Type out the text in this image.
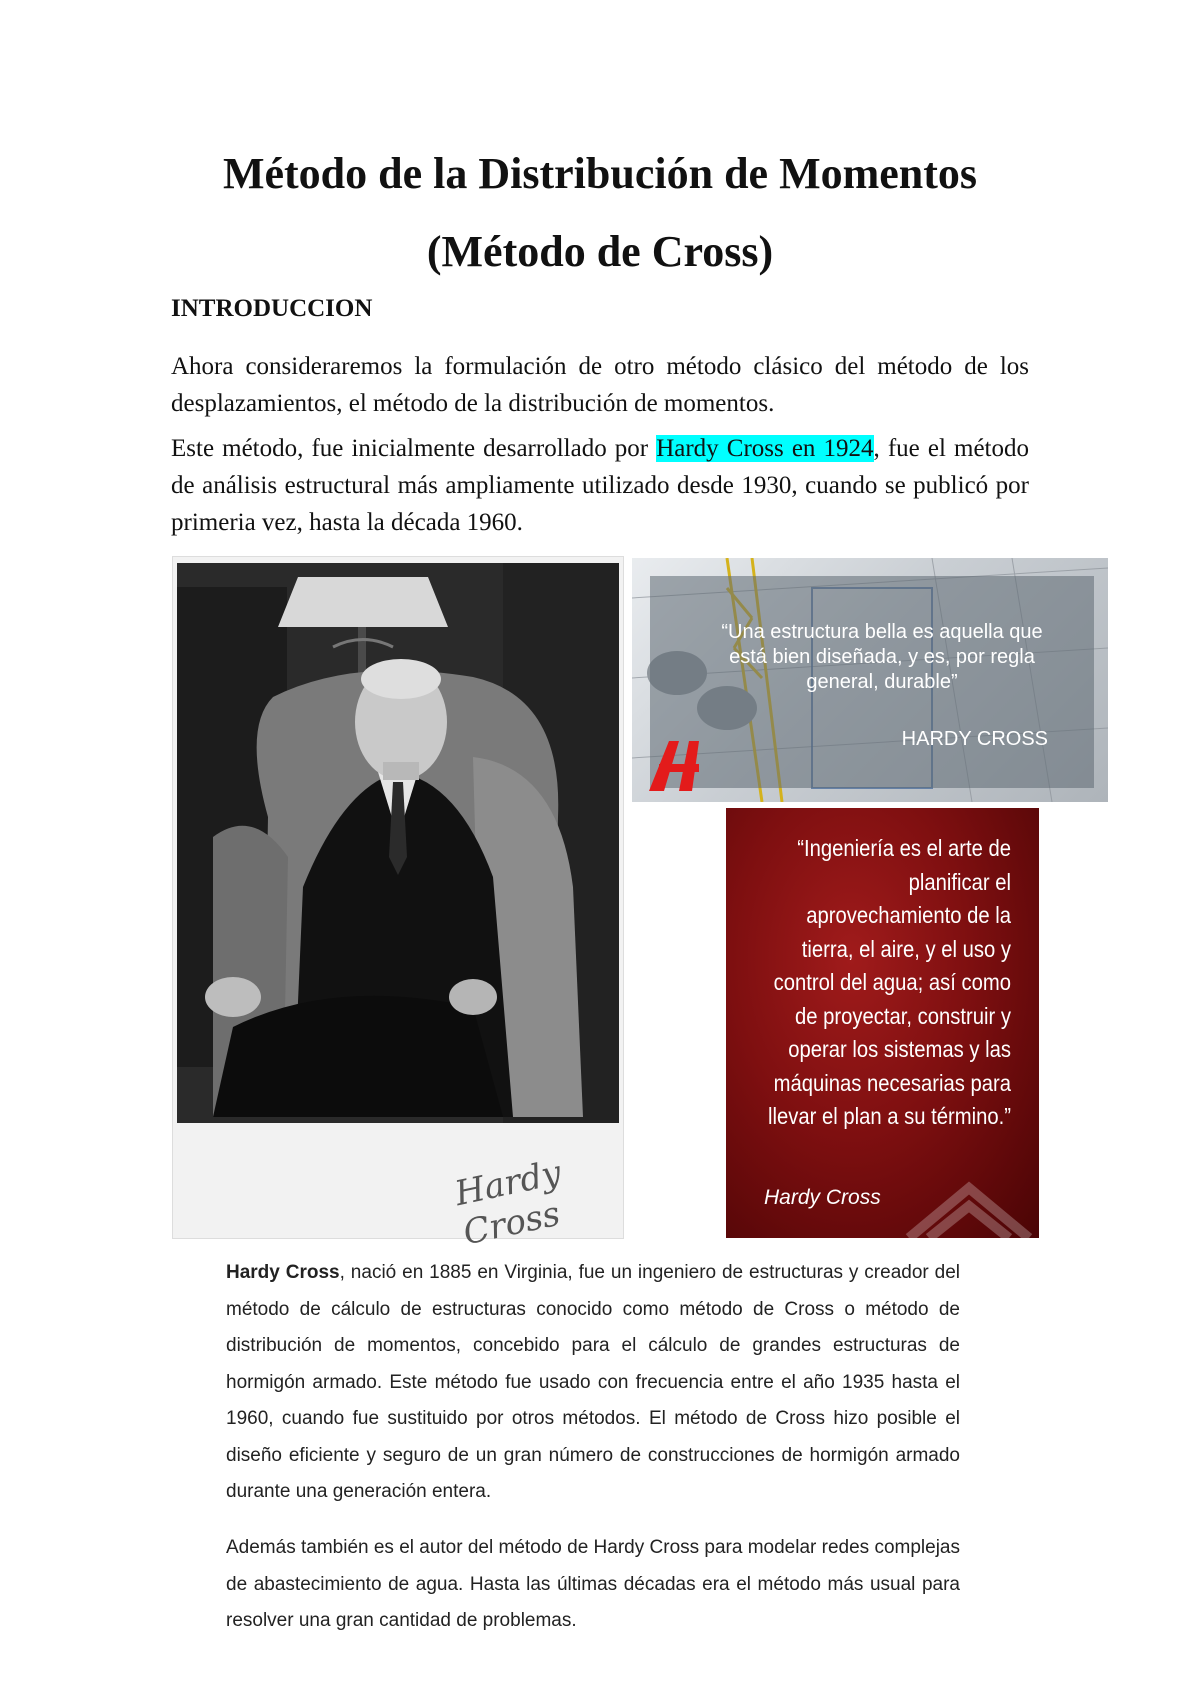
Método de la Distribución de Momentos
(Método de Cross)
INTRODUCCION
Ahora consideraremos la formulación de otro método clásico del método de los desplazamientos, el método de la distribución de momentos.
Este método, fue inicialmente desarrollado por Hardy Cross en 1924, fue el método de análisis estructural más ampliamente utilizado desde 1930, cuando se publicó por primeria vez, hasta la década 1960.
Hardy Cross
“Una estructura bella es aquella que está bien diseñada, y es, por regla general, durable”
HARDY CROSS
“Ingeniería es el arte de planificar el aprovechamiento de la tierra, el aire, y el uso y control del agua; así como de proyectar, construir y operar los sistemas y las máquinas necesarias para llevar el plan a su término.”
Hardy Cross
Hardy Cross, nació en 1885 en Virginia, fue un ingeniero de estructuras y creador del método de cálculo de estructuras conocido como método de Cross o método de distribución de momentos, concebido para el cálculo de grandes estructuras de hormigón armado. Este método fue usado con frecuencia entre el año 1935 hasta el 1960, cuando fue sustituido por otros métodos. El método de Cross hizo posible el diseño eficiente y seguro de un gran número de construcciones de hormigón armado durante una generación entera.
Además también es el autor del método de Hardy Cross para modelar redes complejas de abastecimiento de agua. Hasta las últimas décadas era el método más usual para resolver una gran cantidad de problemas.
